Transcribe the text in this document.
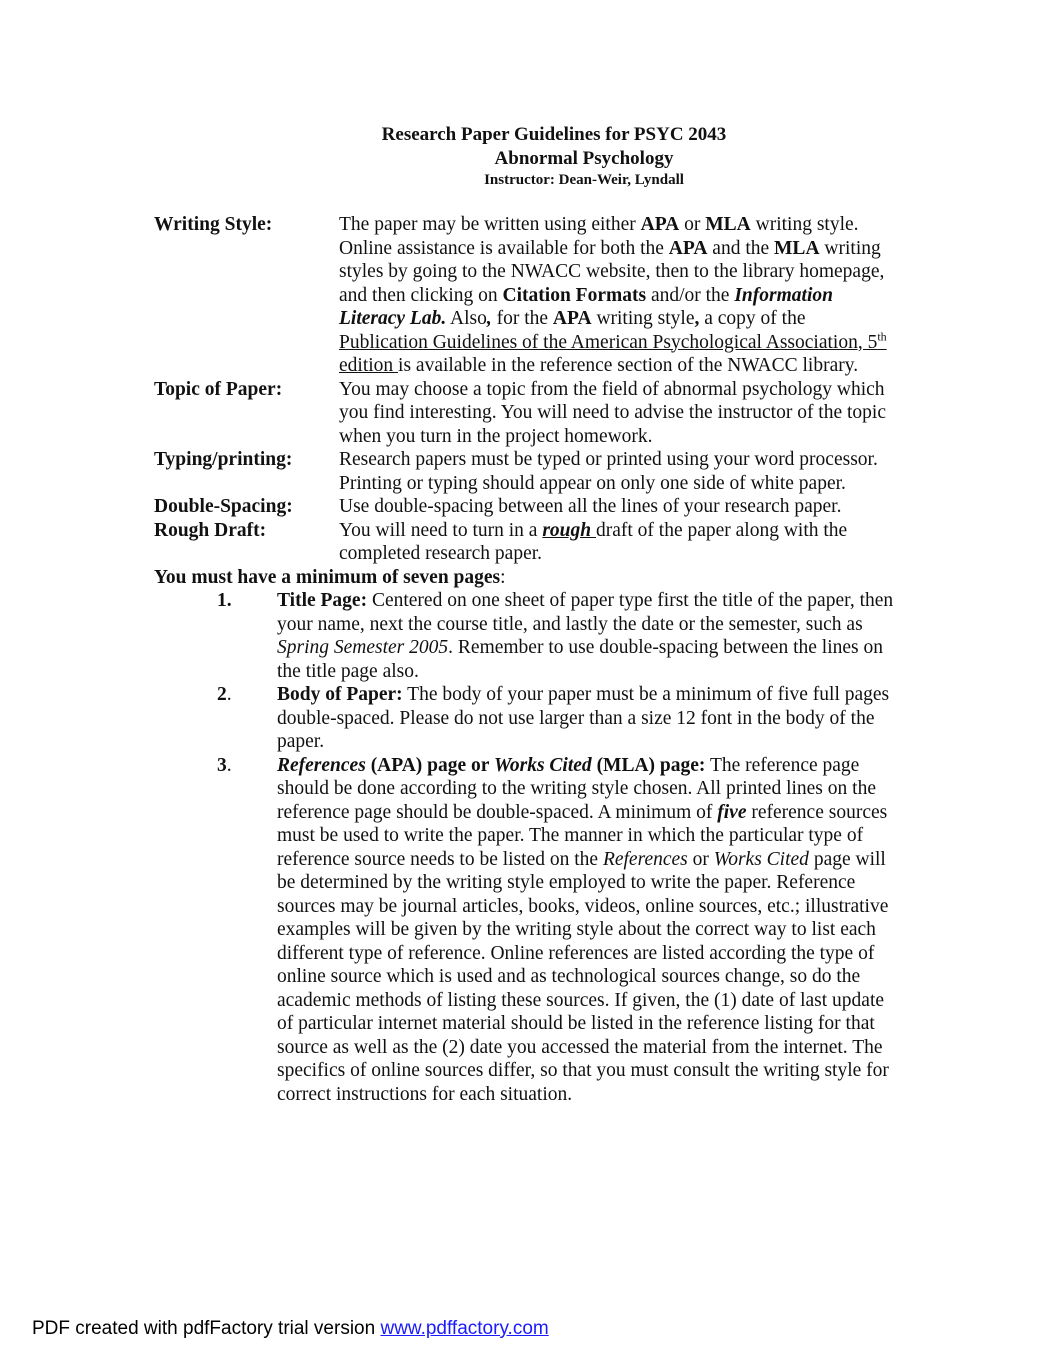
Research Paper Guidelines for PSYC 2043
Abnormal Psychology
Instructor: Dean-Weir, Lyndall
Writing Style:	The paper may be written using either APA or MLA writing style. Online assistance is available for both the APA and the MLA writing styles by going to the NWACC website, then to the library homepage, and then clicking on Citation Formats and/or the Information Literacy Lab. Also, for the APA writing style, a copy of the Publication Guidelines of the American Psychological Association, 5th edition is available in the reference section of the NWACC library.
Topic of Paper:	You may choose a topic from the field of abnormal psychology which you find interesting. You will need to advise the instructor of the topic when you turn in the project homework.
Typing/printing:	Research papers must be typed or printed using your word processor. Printing or typing should appear on only one side of white paper.
Double-Spacing:	Use double-spacing between all the lines of your research paper.
Rough Draft:	You will need to turn in a rough draft of the paper along with the completed research paper.
You must have a minimum of seven pages:
1.	Title Page: Centered on one sheet of paper type first the title of the paper, then your name, next the course title, and lastly the date or the semester, such as Spring Semester 2005. Remember to use double-spacing between the lines on the title page also.
2.	Body of Paper: The body of your paper must be a minimum of five full pages double-spaced. Please do not use larger than a size 12 font in the body of the paper.
3.	References (APA) page or Works Cited (MLA) page: The reference page should be done according to the writing style chosen. All printed lines on the reference page should be double-spaced. A minimum of five reference sources must be used to write the paper. The manner in which the particular type of reference source needs to be listed on the References or Works Cited page will be determined by the writing style employed to write the paper. Reference sources may be journal articles, books, videos, online sources, etc.; illustrative examples will be given by the writing style about the correct way to list each different type of reference. Online references are listed according the type of online source which is used and as technological sources change, so do the academic methods of listing these sources. If given, the (1) date of last update of particular internet material should be listed in the reference listing for that source as well as the (2) date you accessed the material from the internet. The specifics of online sources differ, so that you must consult the writing style for correct instructions for each situation.
PDF created with pdfFactory trial version www.pdffactory.com
